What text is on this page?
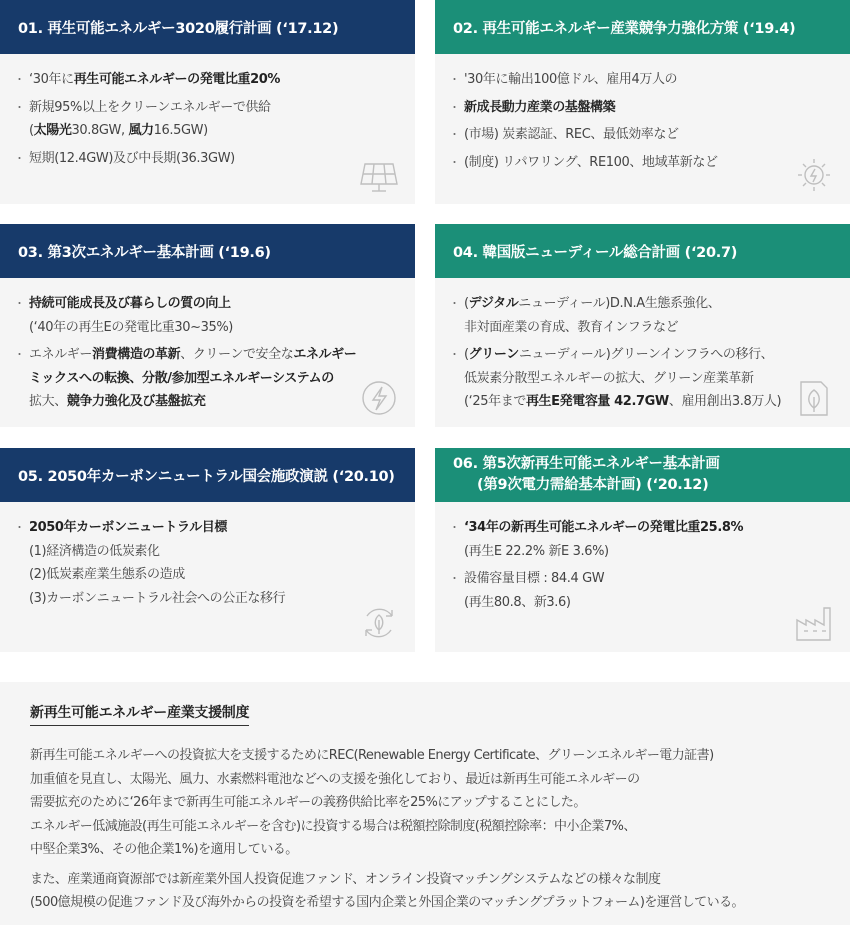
01. 再生可能エネルギー3020履行計画 (‘17.12)
・ ‘30年に再生可能エネルギーの発電比重20%
・ 新規95%以上をクリーンエネルギーで供給
(太陽光30.8GW, 風力16.5GW)
・ 短期(12.4GW)及び中長期(36.3GW)
02. 再生可能エネルギー産業競争力強化方策 (‘19.4)
・ '30年に輸出100億ドル、雇用4万人の
・ 新成長動力産業の基盤構築
・ (市場) 炭素認証、REC、最低効率など
・ (制度) リパワリング、RE100、地域革新など
03. 第3次エネルギー基本計画 (‘19.6)
・ 持続可能成長及び暮らしの質の向上
(‘40年の再生Eの発電比重30~35%)
・ エネルギー消費構造の革新、クリーンで安全なエネルギー
ミックスへの転換、分散/参加型エネルギーシステムの
拡大、競争力強化及び基盤拡充
04. 韓国版ニューディール総合計画 (‘20.7)
・ (デジタルニューディール)D.N.A生態系強化、
非対面産業の育成、教育インフラなど
・ (グリーンニューディール)グリーンインフラへの移行、
低炭素分散型エネルギーの拡大、グリーン産業革新
(‘25年まで再生E発電容量 42.7GW、雇用創出3.8万人)
05. 2050年カーボンニュートラル国会施政演説 (‘20.10)
・ 2050年カーボンニュートラル目標
(1)経済構造の低炭素化
(2)低炭素産業生態系の造成
(3)カーボンニュートラル社会への公正な移行
06. 第5次新再生可能エネルギー基本計画
(第9次電力需給基本計画) (‘20.12)
・ ‘34年の新再生可能エネルギーの発電比重25.8%
(再生E 22.2% 新E 3.6%)
・ 設備容量目標 : 84.4 GW
(再生80.8、新3.6)
新再生可能エネルギー産業支援制度
新再生可能エネルギーへの投資拡大を支援するためにREC(Renewable Energy Certificate、グリーンエネルギー電力証書)
加重値を見直し、太陽光、風力、水素燃料電池などへの支援を強化しており、最近は新再生可能エネルギーの
需要拡充のために‘26年まで新再生可能エネルギーの義務供給比率を25%にアップすることにした。
エネルギー低減施設(再生可能エネルギーを含む)に投資する場合は税額控除制度(税額控除率：中小企業7%、
中堅企業3%、その他企業1%)を適用している。
また、産業通商資源部では新産業外国人投資促進ファンド、オンライン投資マッチングシステムなどの様々な制度
(500億規模の促進ファンド及び海外からの投資を希望する国内企業と外国企業のマッチングプラットフォーム)を運営している。
